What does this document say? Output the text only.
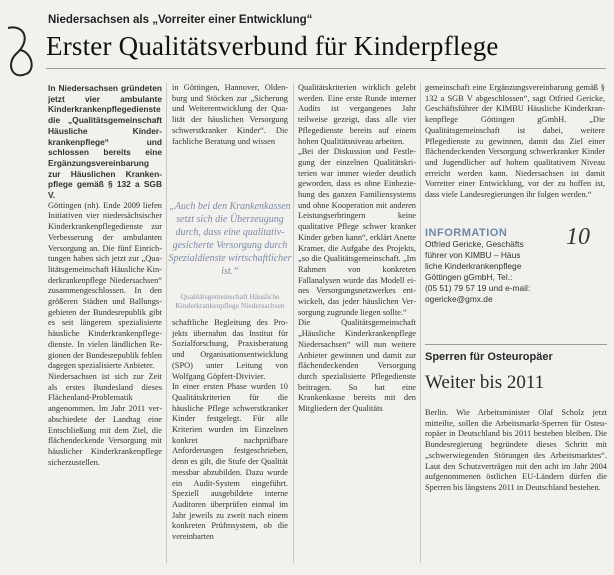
Niedersachsen als „Vorreiter einer Entwicklung“
Erster Qualitätsverbund für Kinderpflege

In Niedersachsen gründeten jetzt vier ambulante Kinderkrankenpflegedienste die „Qualitätsgemeinschaft Häusliche Kinderkrankenpflege“ und schlossen bereits eine Ergänzungsvereinbarung zur Häuslichen Krankenpflege gemäß § 132 a SGB V.

Göttingen (nh). Ende 2009 liefen Initiativen vier niedersächsischer Kinderkrankenpflegedienste zur Verbesserung der ambulanten Versorgung an. Die fünf Einrichtungen haben sich jetzt zur „Qualitätsgemeinschaft Häusliche Kinderkrankenpflege Niedersachsen“ zusammengeschlossen. In den größeren Städten und Ballungsgebieten der Bundesrepublik gibt es seit längerem spezialisierte häusliche Kinderkrankenpflegedienste. In vielen ländlichen Regionen der Bundesrepublik fehlen dagegen spezialisierte Anbieter.

Niedersachsen ist sich zur Zeit als erstes Bundesland dieses Flächenland-Problematik angenommen. Im Jahr 2011 verabschiedete der Landtag eine Entschließung mit dem Ziel, die flächendeckende Versorgung mit häuslicher Kinderkrankenpflege sicherzustellen.

in Göttingen, Hannover, Oldenburg und Stöcken zur „Sicherung und Weiterentwicklung der Qualität der häuslichen Versorgung schwerstkranker Kinder“. Die fachliche Beratung und wissen

„Auch bei den Krankenkassen setzt sich die Überzeugung durch, dass eine qualitativgesicherte Versorgung durch Spezialdienste wirtschaftlicher ist.“
Qualitätsgemeinschaft Häusliche Kinderkrankenpflege Niedersachsen

schaftliche Begleitung des Projekts übernahm das Institut für Sozialforschung, Praxisberatung und Organisationsentwicklung (SPO) unter Leitung von Wolfgang Göpfert-Divivier.

In einer ersten Phase wurden 10 Qualitätskriterien für die häusliche Pflege schwerstkranker Kinder festgelegt. Für alle Kriterien wurden im Einzelnen konkret nachprüfbare Anforderungen festgeschrieben, denn es gilt, die Stufe der Qualität messbar abzubilden. Dazu wurde ein Audit-System eingeführt. Speziell ausgebildete interne Auditoren überprüfen einmal im Jahr jeweils zu zweit nach einem konkreten Prüfmsystem, ob die vereinbarten

Qualitätskriterien wirklich gelebt werden. Eine erste Runde interner Audits ist vergangenes Jahr teilweise gezeigt, dass alle vier Pflegedienste bereits auf einem hohen Qualitätsniveau arbeiten.

„Bei der Diskussion und Festlegung der einzelnen Qualitätskriterien war immer wieder deutlich geworden, dass es ohne Einbeziehung des ganzen Familiensystems und ohne Kooperation mit anderen Leistungserbringern keine qualitative Pflege schwer kranker Kinder geben kann“, erklärt Anette Kramer, die Aufgabe des Projekts, „so die Qualitätsgemeinschaft. „Im Rahmen von konkreten Fallanalysen wurde das Modell eines Versorgungsnetzwerkes entwickelt, das jeder häuslichen Versorgung zugrunde liegen sollte.“

Die Qualitätsgemeinschaft „Häusliche Kinderkrankenpflege Niedersachsen“ will nun weitere Anbieter gewinnen und damit zur flächendeckenden Versorgung durch spezialisierte Pflegedienste beitragen. So hat eine Krankenkasse bereits mit den Mitgliedern der Qualitäts

gemeinschaft eine Ergänzungsvereinbarung gemäß § 132 a SGB V abgeschlossen“, sagt Otfried Gericke, Geschäftsführer der KIMBU Häusliche Kinderkrankenpflege Göttingen gGmbH. „Die Qualitätsgemeinschaft ist dabei, weitere Pflegedienste zu gewinnen, damit das Ziel einer flächendeckenden Versorgung schwerkranker Kinder und Jugendlicher auf hohem qualitativem Niveau erreicht werden kann. Niedersachsen ist damit Vorreiter einer Entwicklung, vor der zu hoffen ist, dass viele Landesregierungen ihr folgen werden.“

10
INFORMATION
Otfried Gericke, Geschäfts
führer von KIMBU – Häus
liche Kinderkrankenpflege
Göttingen gGmbH, Tel.:
(05 51) 79 57 19 und e-mail:
ogericke@gmx.de
Sperren für Osteuropäer
Weiter bis 2011
Berlin. Wie Arbeitsminister Olaf Scholz jetzt mitteilte, sollen die Arbeitsmarkt-Sperren für Osteuropäer in Deutschland bis 2011 bestehen bleiben. Die Bundesregierung begründete dieses Schritt mit „schwerwiegenden Störungen des Arbeitsmarktes“. Laut den Schutzverträgen mit den acht im Jahr 2004 aufgenommenen östlichen EU-Ländern dürfen die Sperren bis längstens 2011 in Deutschland bestehen.
